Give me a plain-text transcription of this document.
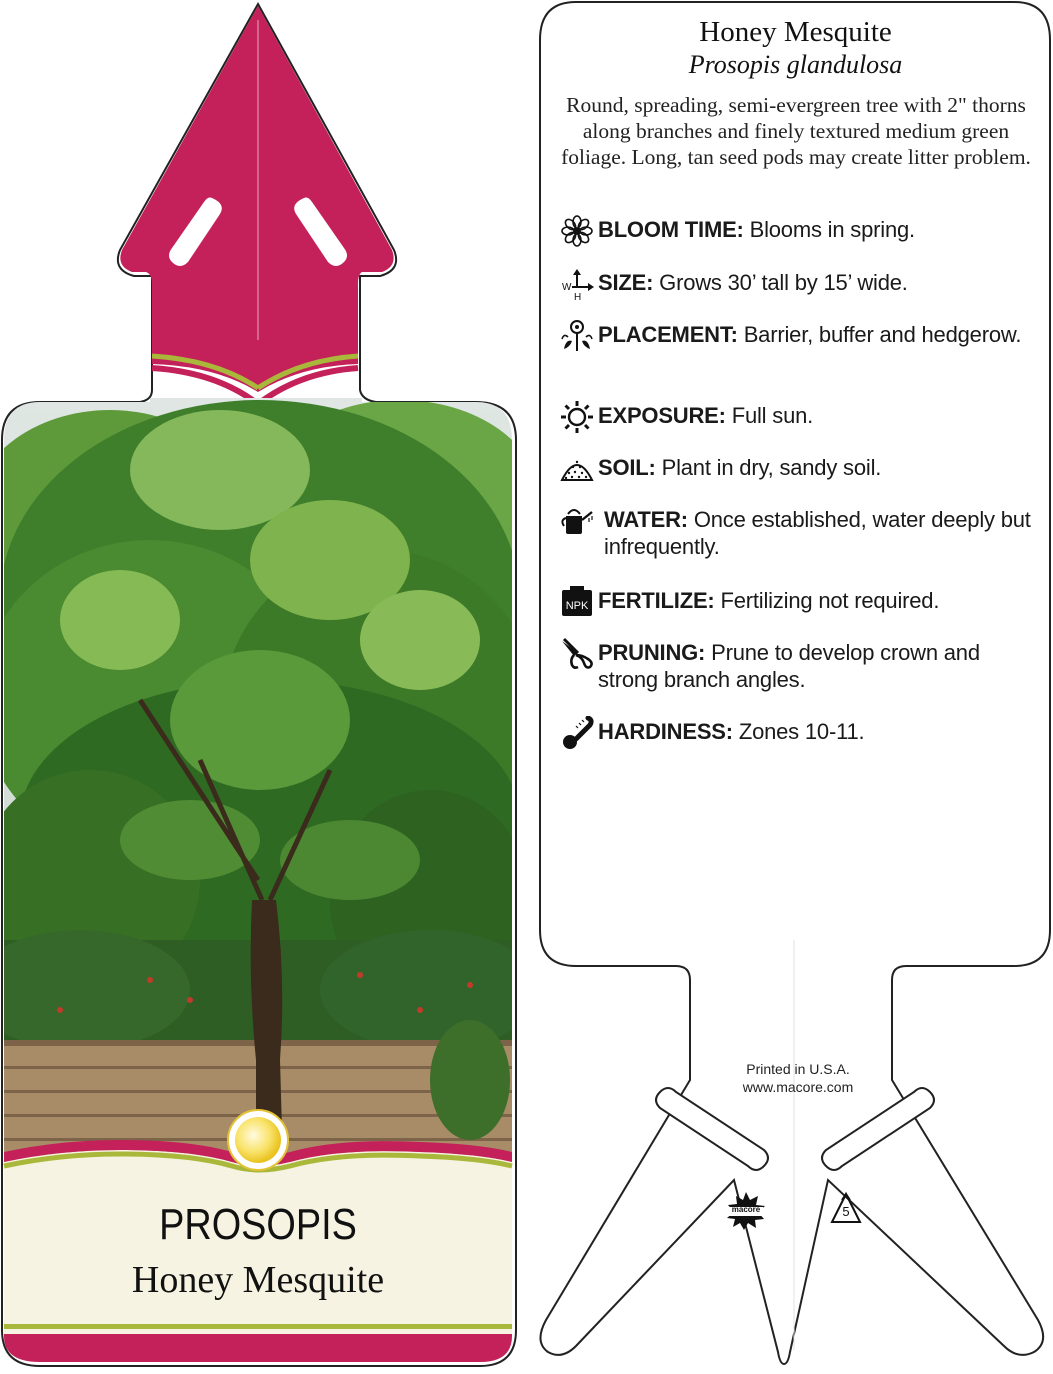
PROSOPIS
Honey Mesquite
Honey Mesquite
Prosopis glandulosa
Round, spreading, semi-evergreen tree with 2" thorns along branches and finely textured medium green foliage. Long, tan seed pods may create litter problem.
BLOOM TIME: Blooms in spring.
W
H
SIZE: Grows 30’ tall by 15’ wide.
PLACEMENT: Barrier, buffer and hedgerow.
EXPOSURE: Full sun.
SOIL: Plant in dry, sandy soil.
WATER: Once established, water deeply but infrequently.
NPK FERTILIZE: Fertilizing not required.
PRUNING: Prune to develop crown and strong branch angles.
HARDINESS: Zones 10-11.
Printed in U.S.A.
www.macore.com
macore	5
